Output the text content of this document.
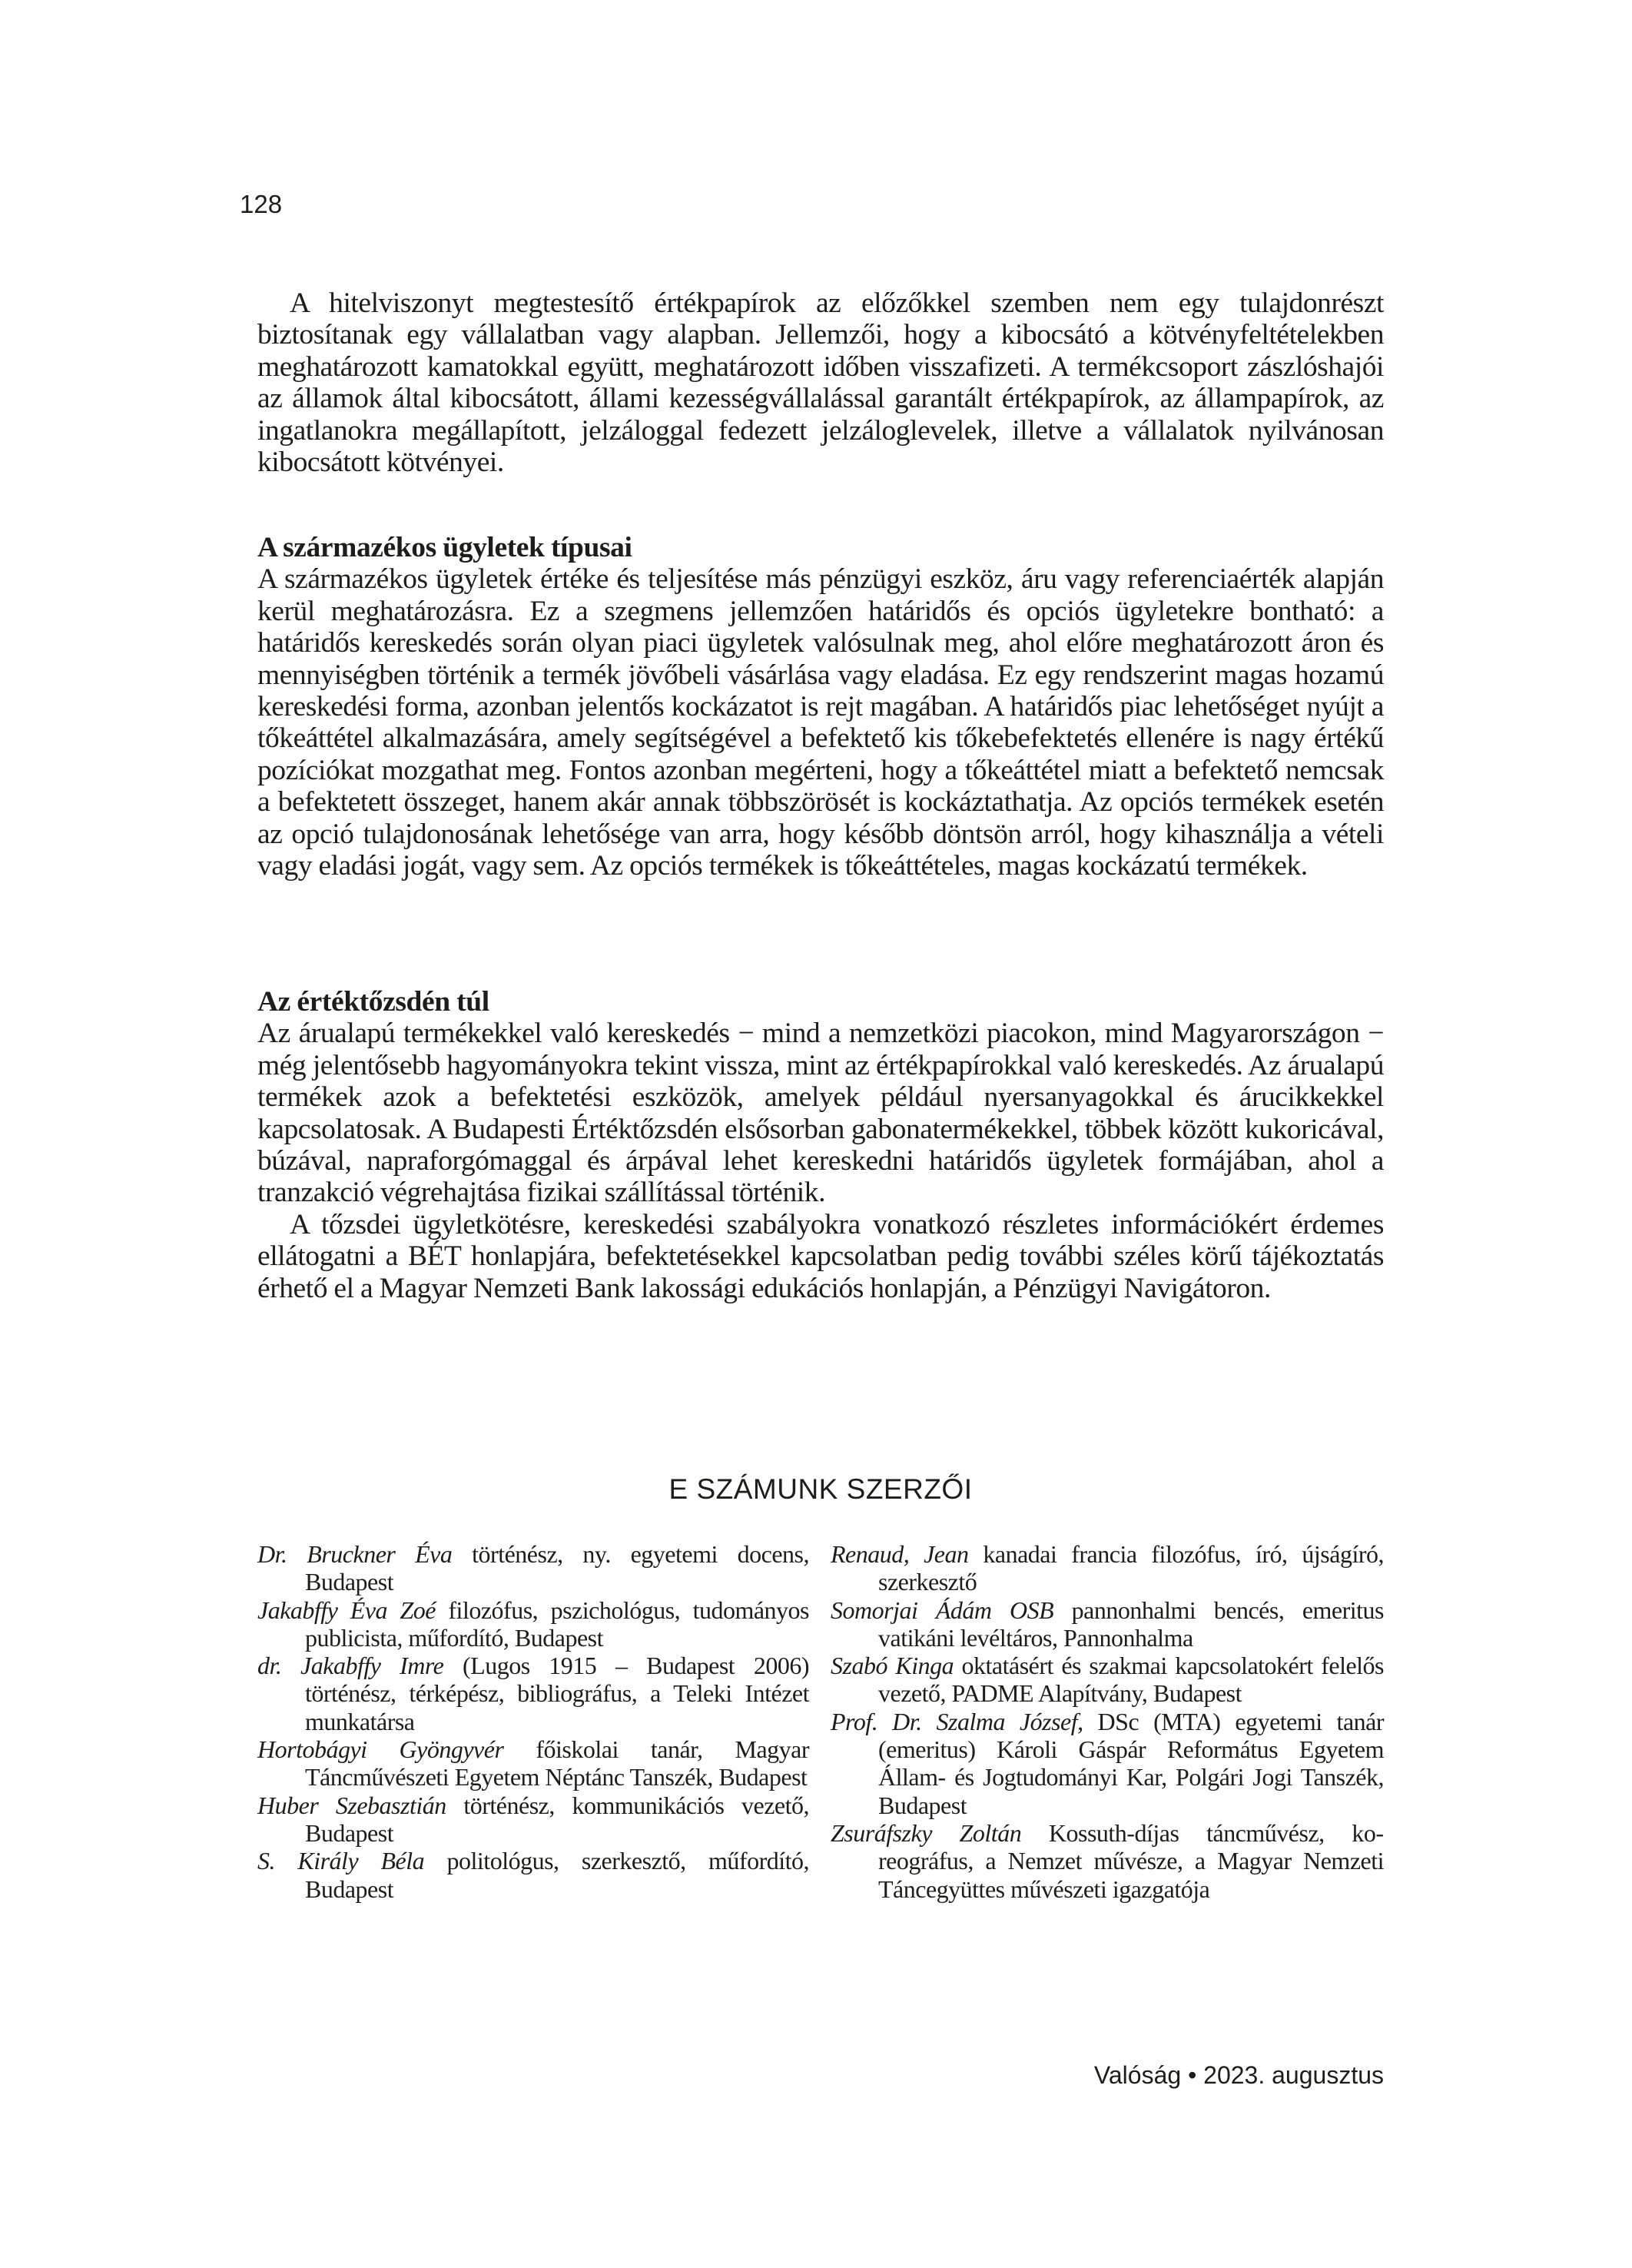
128

A hitelviszonyt megtestesítő értékpapírok az előzőkkel szemben nem egy tulajdonrészt biztosítanak egy vállalatban vagy alapban. Jellemzői, hogy a kibocsátó a kötvényfeltételekben meghatározott kamatokkal együtt, meghatározott időben visszafizeti. A termékcsoport zászlóshajói az államok által kibocsátott, állami kezességvállalással garantált értékpapírok, az állampapírok, az ingatlanokra megállapított, jelzáloggal fedezett jelzáloglevelek, illetve a vállalatok nyilvánosan kibocsátott kötvényei.

A származékos ügyletek típusai

A származékos ügyletek értéke és teljesítése más pénzügyi eszköz, áru vagy referenciaérték alapján kerül meghatározásra. Ez a szegmens jellemzően határidős és opciós ügyletekre bontható: a határidős kereskedés során olyan piaci ügyletek valósulnak meg, ahol előre meghatározott áron és mennyiségben történik a termék jövőbeli vásárlása vagy eladása. Ez egy rendszerint magas hozamú kereskedési forma, azonban jelentős kockázatot is rejt magában. A határidős piac lehetőséget nyújt a tőkeáttétel alkalmazására, amely segítségével a befektető kis tőkebefektetés ellenére is nagy értékű pozíciókat mozgathat meg. Fontos azonban megérteni, hogy a tőkeáttétel miatt a befektető nemcsak a befektetett összeget, hanem akár annak többszörösét is kockáztathatja. Az opciós termékek esetén az opció tulajdonosának lehetősége van arra, hogy később döntsön arról, hogy kihasználja a vételi vagy eladási jogát, vagy sem. Az opciós termékek is tőkeáttételes, magas kockázatú termékek.

Az értéktőzsdén túl

Az árualapú termékekkel való kereskedés − mind a nemzetközi piacokon, mind Magyarországon − még jelentősebb hagyományokra tekint vissza, mint az értékpapírokkal való kereskedés. Az árualapú termékek azok a befektetési eszközök, amelyek például nyersanyagokkal és árucikkekkel kapcsolatosak. A Budapesti Értéktőzsdén elsősorban gabonatermékekkel, többek között kukoricával, búzával, napraforgómaggal és árpával lehet kereskedni határidős ügyletek formájában, ahol a tranzakció végrehajtása fizikai szállítással történik.

A tőzsdei ügyletkötésre, kereskedési szabályokra vonatkozó részletes információkért érdemes ellátogatni a BÉT honlapjára, befektetésekkel kapcsolatban pedig további széles körű tájékoztatás érhető el a Magyar Nemzeti Bank lakossági edukációs honlapján, a Pénzügyi Navigátoron.

E SZÁMUNK SZERZŐI

Dr. Bruckner Éva történész, ny. egyetemi docens, Budapest

Jakabffy Éva Zoé filozófus, pszichológus, tudományos publicista, műfordító, Budapest

dr. Jakabffy Imre (Lugos 1915 – Budapest 2006) történész, térképész, bibliográfus, a Teleki Intézet munkatársa

Hortobágyi Gyöngyvér főiskolai tanár, Magyar Táncművészeti Egyetem Néptánc Tanszék, Budapest

Huber Szebasztián történész, kommunikációs vezető, Budapest

S. Király Béla politológus, szerkesztő, műfordító, Budapest

Renaud, Jean kanadai francia filozófus, író, újságíró, szerkesztő

Somorjai Ádám OSB pannonhalmi bencés, emeritus vatikáni levéltáros, Pannonhalma

Szabó Kinga oktatásért és szakmai kapcsolatokért felelős vezető, PADME Alapítvány, Budapest

Prof. Dr. Szalma József, DSc (MTA) egyetemi tanár (emeritus) Károli Gáspár Református Egyetem Állam- és Jogtudományi Kar, Polgári Jogi Tanszék, Budapest

Zsuráfszky Zoltán Kossuth-díjas táncművész, koreográfus, a Nemzet művésze, a Magyar Nemzeti Táncegyüttes művészeti igazgatója

Valóság • 2023. augusztus
